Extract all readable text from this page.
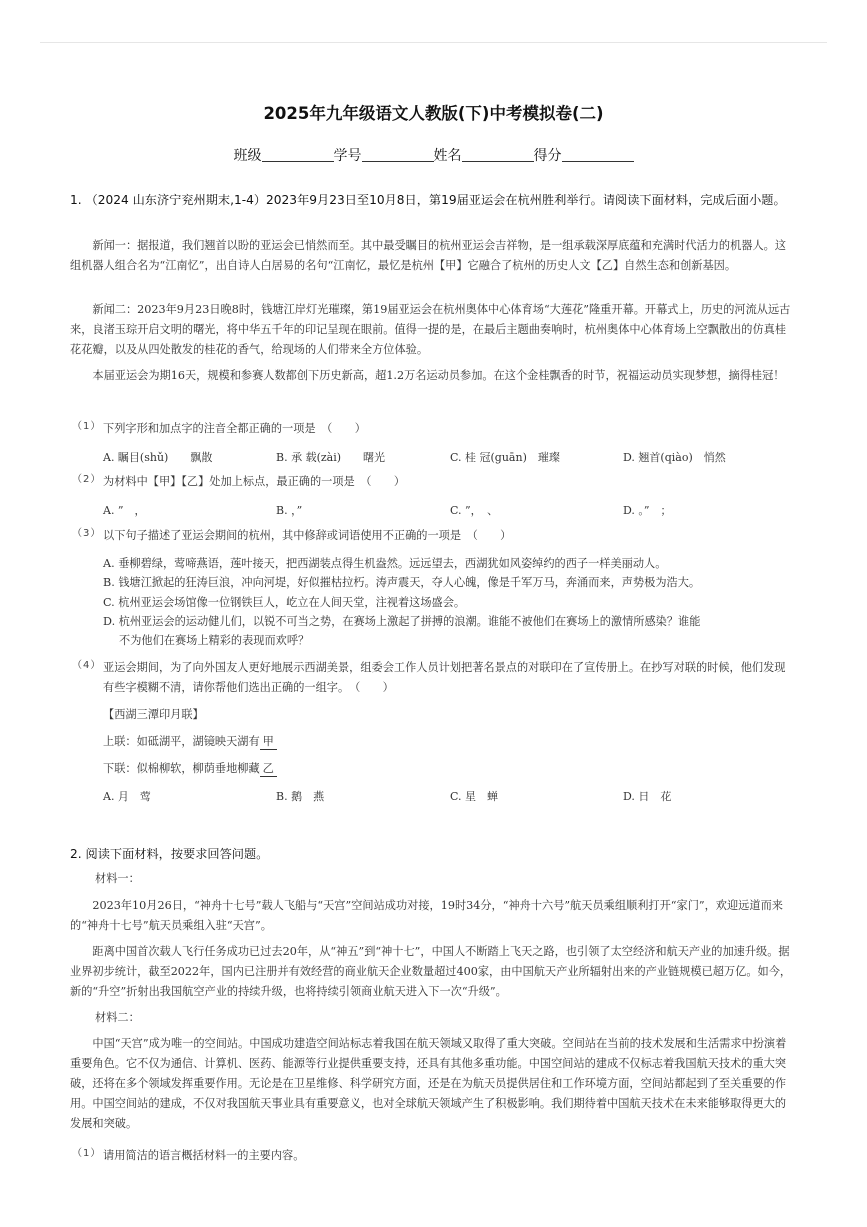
2025年九年级语文人教版(下)中考模拟卷(二)
班级	学号	姓名	得分
1. （2024 山东济宁兖州期末,1-4）2023年9月23日至10月8日，第19届亚运会在杭州胜利举行。请阅读下面材料，完成后面小题。
新闻一：据报道，我们翘首以盼的亚运会已悄然而至。其中最受瞩目的杭州亚运会吉祥物，是一组承载深厚底蕴和充满时代活力的机器人。这组机器人组合名为“江南忆”，出自诗人白居易的名句“江南忆，最忆是杭州【甲】它融合了杭州的历史人文【乙】自然生态和创新基因。
新闻二：2023年9月23日晚8时，钱塘江岸灯光璀璨，第19届亚运会在杭州奥体中心体育场“大莲花”隆重开幕。开幕式上，历史的河流从远古来，良渚玉琮开启文明的曙光，将中华五千年的印记呈现在眼前。值得一提的是，在最后主题曲奏响时，杭州奥体中心体育场上空飘散出的仿真桂花花瓣，以及从四处散发的桂花的香气，给现场的人们带来全方位体验。
本届亚运会为期16天，规模和参赛人数都创下历史新高，超1.2万名运动员参加。在这个金桂飘香的时节，祝福运动员实现梦想，摘得桂冠！
（1） 下列字形和加点字的注音全都正确的一项是　（　　）
A. 瞩目(shǔ)　　飘散	B. 承 载(zài)　　曙光	C. 桂 冠(guān)　璀璨	D. 翘首(qiào)　悄然
（2） 为材料中【甲】【乙】处加上标点，最正确的一项是　（　　）
A. ”　，	B. ，”	C. ”，　、	D. 。”　；
（3） 以下句子描述了亚运会期间的杭州，其中修辞或词语使用不正确的一项是　（　　）
A. 垂柳碧绿，莺啼燕语，莲叶接天，把西湖装点得生机盎然。远远望去，西湖犹如风姿绰约的西子一样美丽动人。
B. 钱塘江掀起的狂涛巨浪，冲向河堤，好似摧枯拉朽。涛声震天，夺人心魄，像是千军万马，奔涌而来，声势极为浩大。
C. 杭州亚运会场馆像一位钢铁巨人，屹立在人间天堂，注视着这场盛会。
D. 杭州亚运会的运动健儿们，以锐不可当之势，在赛场上激起了拼搏的浪潮。谁能不被他们在赛场上的激情所感染？谁能
不为他们在赛场上精彩的表现而欢呼？
（4） 亚运会期间，为了向外国友人更好地展示西湖美景，组委会工作人员计划把著名景点的对联印在了宣传册上。在抄写对联的时候，他们发现有些字模糊不清，请你帮他们选出正确的一组字。　（　　）
【西湖三潭印月联】
上联：如砥湖平，湖镜映天湖有 甲
下联：似棉柳软，柳荫垂地柳藏 乙
A. 月　莺	B. 鹅　燕	C. 星　蝉	D. 日　花
2. 阅读下面材料，按要求回答问题。
材料一：
2023年10月26日，“神舟十七号”载人飞船与“天宫”空间站成功对接，19时34分，“神舟十六号”航天员乘组顺利打开“家门”，欢迎远道而来的“神舟十七号”航天员乘组入驻“天宫”。
距离中国首次载人飞行任务成功已过去20年，从“神五”到“神十七”，中国人不断踏上飞天之路，也引领了太空经济和航天产业的加速升级。据业界初步统计，截至2022年，国内已注册并有效经营的商业航天企业数量超过400家，由中国航天产业所辐射出来的产业链规模已超万亿。如今，新的“升空”折射出我国航空产业的持续升级，也将持续引领商业航天进入下一次“升级”。
材料二：
中国“天宫”成为唯一的空间站。中国成功建造空间站标志着我国在航天领域又取得了重大突破。空间站在当前的技术发展和生活需求中扮演着重要角色。它不仅为通信、计算机、医药、能源等行业提供重要支持，还具有其他多重功能。中国空间站的建成不仅标志着我国航天技术的重大突破，还将在多个领域发挥重要作用。无论是在卫星维修、科学研究方面，还是在为航天员提供居住和工作环境方面，空间站都起到了至关重要的作用。中国空间站的建成，不仅对我国航天事业具有重要意义，也对全球航天领域产生了积极影响。我们期待着中国航天技术在未来能够取得更大的发展和突破。
（1） 请用简洁的语言概括材料一的主要内容。
